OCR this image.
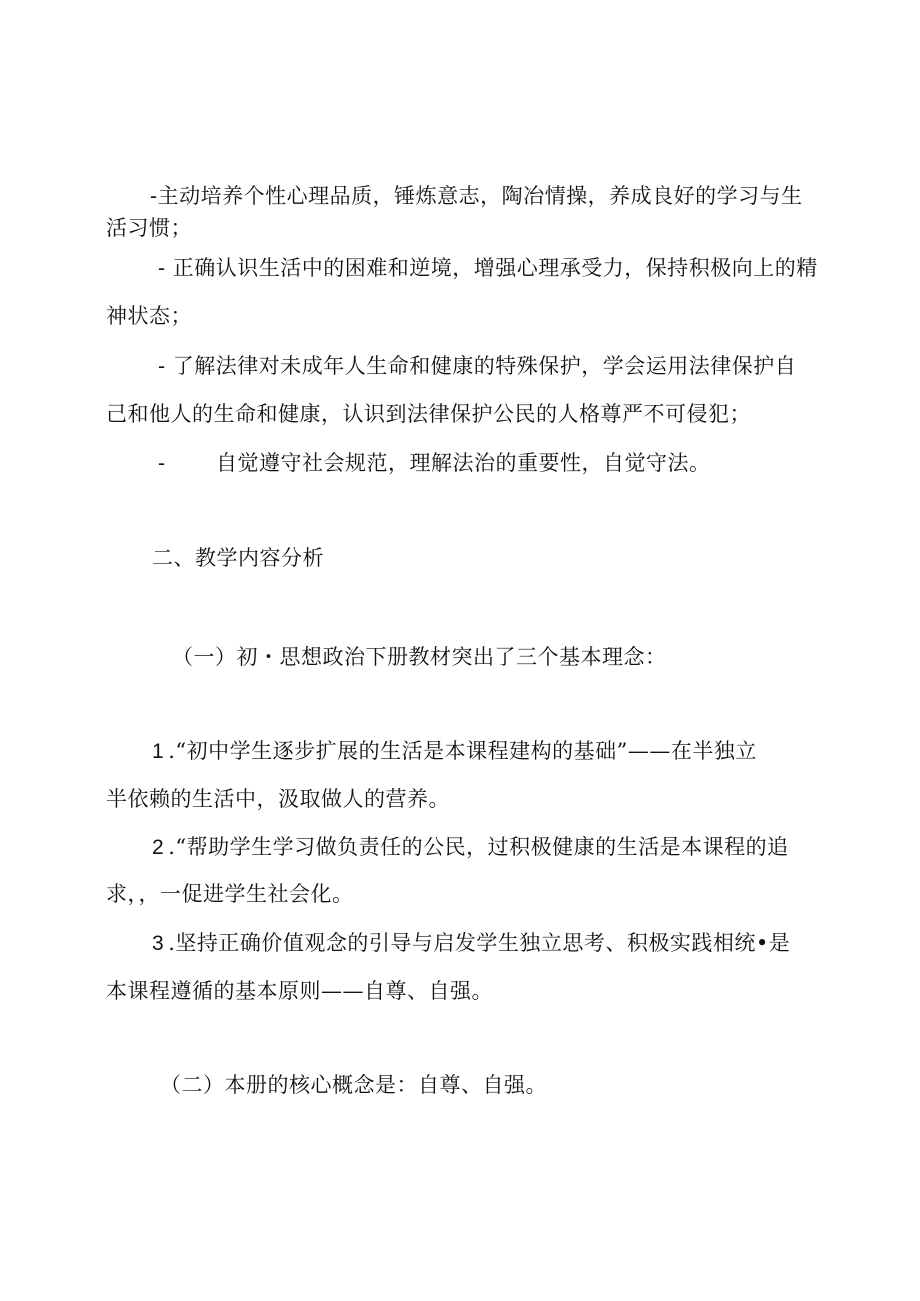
-主动培养个性心理品质，锤炼意志，陶冶情操，养成良好的学习与生
活习惯；
- 正确认识生活中的困难和逆境，增强心理承受力，保持积极向上的精
神状态；
- 了解法律对未成年人生命和健康的特殊保护，学会运用法律保护自
己和他人的生命和健康，认识到法律保护公民的人格尊严不可侵犯；
- 自觉遵守社会规范，理解法治的重要性，自觉守法。
二、教学内容分析
（一）初・思想政治下册教材突出了三个基本理念：
1 .“初中学生逐步扩展的生活是本课程建构的基础”——在半独立
半依赖的生活中，汲取做人的营养。
2 .“帮助学生学习做负责任的公民，过积极健康的生活是本课程的追
求，，一促进学生社会化。
3 .坚持正确价值观念的引导与启发学生独立思考、积极实践相统•是
本课程遵循的基本原则——自尊、自强。
（二）本册的核心概念是：自尊、自强。
